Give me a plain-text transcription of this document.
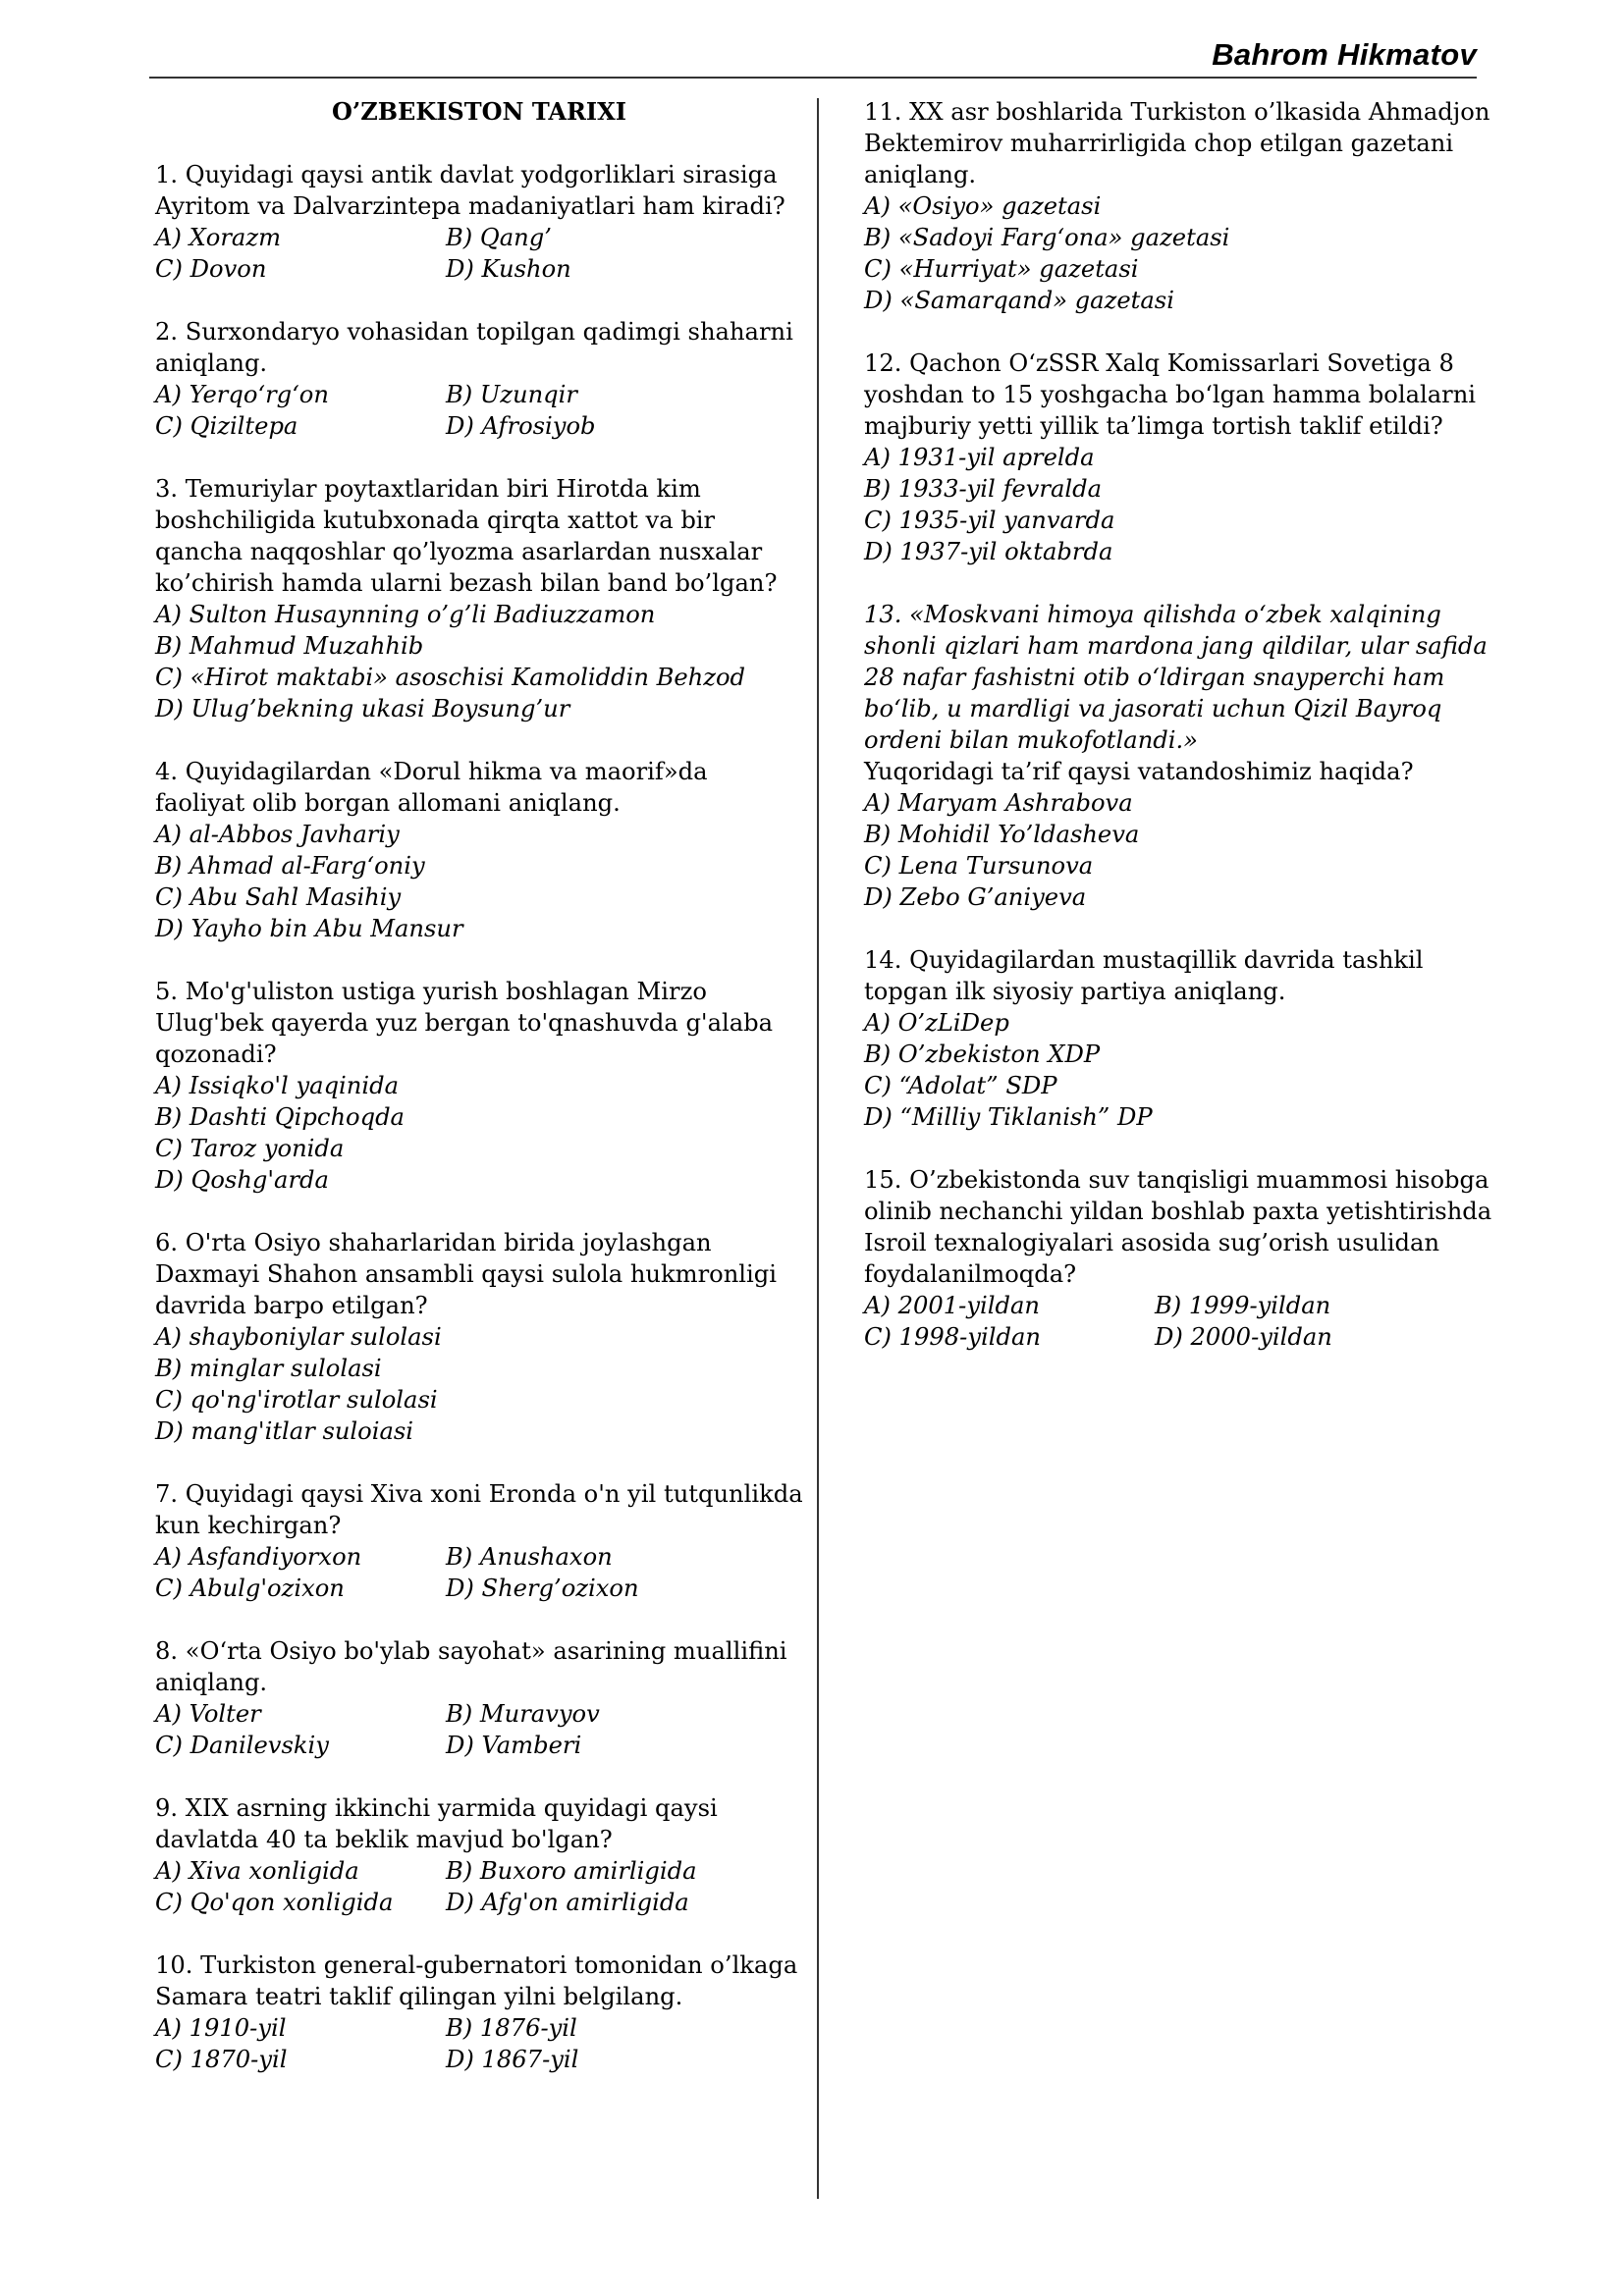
Bahrom Hikmatov

O’ZBEKISTON TARIXI

1. Quyidagi qaysi antik davlat yodgorliklari sirasiga Ayritom va Dalvarzintepa madaniyatlari ham kiradi?

A) Xorazm	B) Qang’

C) Dovon	D) Kushon

2. Surxondaryo vohasidan topilgan qadimgi shaharni aniqlang.

A) Yerqo‘rg‘on	B) Uzunqir

C) Qiziltepa	D) Afrosiyob

3. Temuriylar poytaxtlaridan biri Hirotda kim boshchiligida kutubxonada qirqta xattot va bir qancha naqqoshlar qo’lyozma asarlardan nusxalar ko’chirish hamda ularni bezash bilan band bo’lgan?

A) Sulton Husaynning o’g’li Badiuzzamon

B) Mahmud Muzahhib

C) «Hirot maktabi» asoschisi Kamoliddin Behzod

D) Ulug’bekning ukasi Boysung’ur

4. Quyidagilardan «Dorul hikma va maorif»da faoliyat olib borgan allomani aniqlang.

A) al-Abbos Javhariy

B) Ahmad al-Farg‘oniy

C) Abu Sahl Masihiy

D) Yayho bin Abu Mansur

5. Mo'g'uliston ustiga yurish boshlagan Mirzo Ulug'bek qayerda yuz bergan to'qnashuvda g'alaba qozonadi?

A) Issiqko'l yaqinida

B) Dashti Qipchoqda

C) Taroz yonida

D) Qoshg'arda

6. O'rta Osiyo shaharlaridan birida joylashgan Daxmayi Shahon ansambli qaysi sulola hukmronligi davrida barpo etilgan?

A) shayboniylar sulolasi

B) minglar sulolasi

C) qo'ng'irotlar sulolasi

D) mang'itlar suloiasi

7. Quyidagi qaysi Xiva xoni Eronda o'n yil tutqunlikda kun kechirgan?

A) Asfandiyorxon	B) Anushaxon

C) Abulg'ozixon	D) Sherg’ozixon

8. «O‘rta Osiyo bo'ylab sayohat» asarining muallifini aniqlang.

A) Volter	B) Muravyov

C) Danilevskiy	D) Vamberi

9. XIX asrning ikkinchi yarmida quyidagi qaysi davlatda 40 ta beklik mavjud bo'lgan?

A) Xiva xonligida	B) Buxoro amirligida

C) Qo'qon xonligida	D) Afg'on amirligida

10. Turkiston general-gubernatori tomonidan o’lkaga Samara teatri taklif qilingan yilni belgilang.

A) 1910-yil	B) 1876-yil

C) 1870-yil	D) 1867-yil

11. XX asr boshlarida Turkiston o’lkasida Ahmadjon Bektemirov muharrirligida chop etilgan gazetani aniqlang.

A) «Osiyo» gazetasi

B) «Sadoyi Farg‘ona» gazetasi

C) «Hurriyat» gazetasi

D) «Samarqand» gazetasi

12. Qachon O‘zSSR Xalq Komissarlari Sovetiga 8 yoshdan to 15 yoshgacha bo‘lgan hamma bolalarni majburiy yetti yillik ta’limga tortish taklif etildi?

A) 1931-yil aprelda

B) 1933-yil fevralda

C) 1935-yil yanvarda

D) 1937-yil oktabrda

13. «Moskvani himoya qilishda o‘zbek xalqining shonli qizlari ham mardona jang qildilar, ular safida 28 nafar fashistni otib o‘ldirgan snayperchi ham bo‘lib, u mardligi va jasorati uchun Qizil Bayroq ordeni bilan mukofotlandi.»

Yuqoridagi ta’rif qaysi vatandoshimiz haqida?

A) Maryam Ashrabova

B) Mohidil Yo’ldasheva

C) Lena Tursunova

D) Zebo G’aniyeva

14. Quyidagilardan mustaqillik davrida tashkil topgan ilk siyosiy partiya aniqlang.

A) O’zLiDep

B) O’zbekiston XDP

C) “Adolat” SDP

D) “Milliy Tiklanish” DP

15. O’zbekistonda suv tanqisligi muammosi hisobga olinib nechanchi yildan boshlab paxta yetishtirishda Isroil texnalogiyalari asosida sug’orish usulidan foydalanilmoqda?

A) 2001-yildan	B) 1999-yildan

C) 1998-yildan	D) 2000-yildan
